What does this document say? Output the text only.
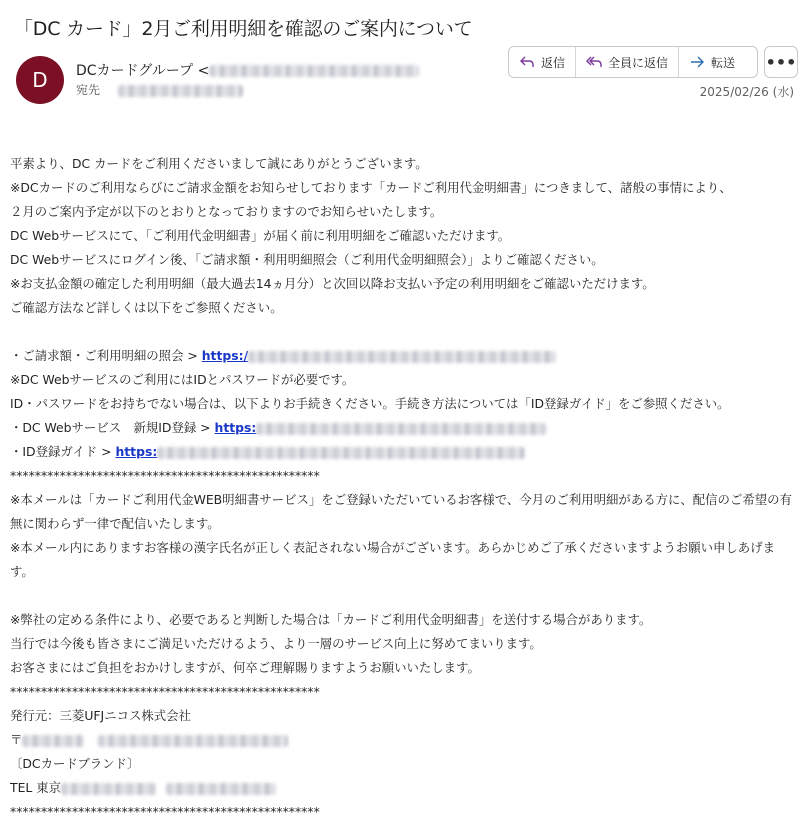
「DC カード」2月ご利用明細を確認のご案内について
D	DCカードグループ <
宛先
返信	全員に返信	転送 •••
2025/02/26 (水)

平素より、DC カードをご利用くださいまして誠にありがとうございます。

※DCカードのご利用ならびにご請求金額をお知らせしております「カードご利用代金明細書」につきまして、諸般の事情により、

２月のご案内予定が以下のとおりとなっておりますのでお知らせいたします。

DC Webサービスにて、「ご利用代金明細書」が届く前に利用明細をご確認いただけます。

DC Webサービスにログイン後、「ご請求額・利用明細照会（ご利用代金明細照会）」よりご確認ください。

※お支払金額の確定した利用明細（最大過去14ヵ月分）と次回以降お支払い予定の利用明細をご確認いただけます。

ご確認方法など詳しくは以下をご参照ください。

・ご請求額・ご利用明細の照会 > https:/

※DC Webサービスのご利用にはIDとパスワードが必要です。

ID・パスワードをお持ちでない場合は、以下よりお手続きください。手続き方法については「ID登録ガイド」をご参照ください。

・DC Webサービス　新規ID登録 > https:

・ID登録ガイド > https:

**************************************************

※本メールは「カードご利用代金WEB明細書サービス」をご登録いただいているお客様で、今月のご利用明細がある方に、配信のご希望の有無に関わらず一律で配信いたします。

※本メール内にありますお客様の漢字氏名が正しく表記されない場合がございます。あらかじめご了承くださいますようお願い申しあげます。

※弊社の定める条件により、必要であると判断した場合は「カードご利用代金明細書」を送付する場合があります。

当行では今後も皆さまにご満足いただけるよう、より一層のサービス向上に努めてまいります。

お客さまにはご負担をおかけしますが、何卒ご理解賜りますようお願いいたします。

**************************************************

発行元：三菱UFJニコス株式会社

〒

〔DCカードブランド〕

TEL 東京

**************************************************
